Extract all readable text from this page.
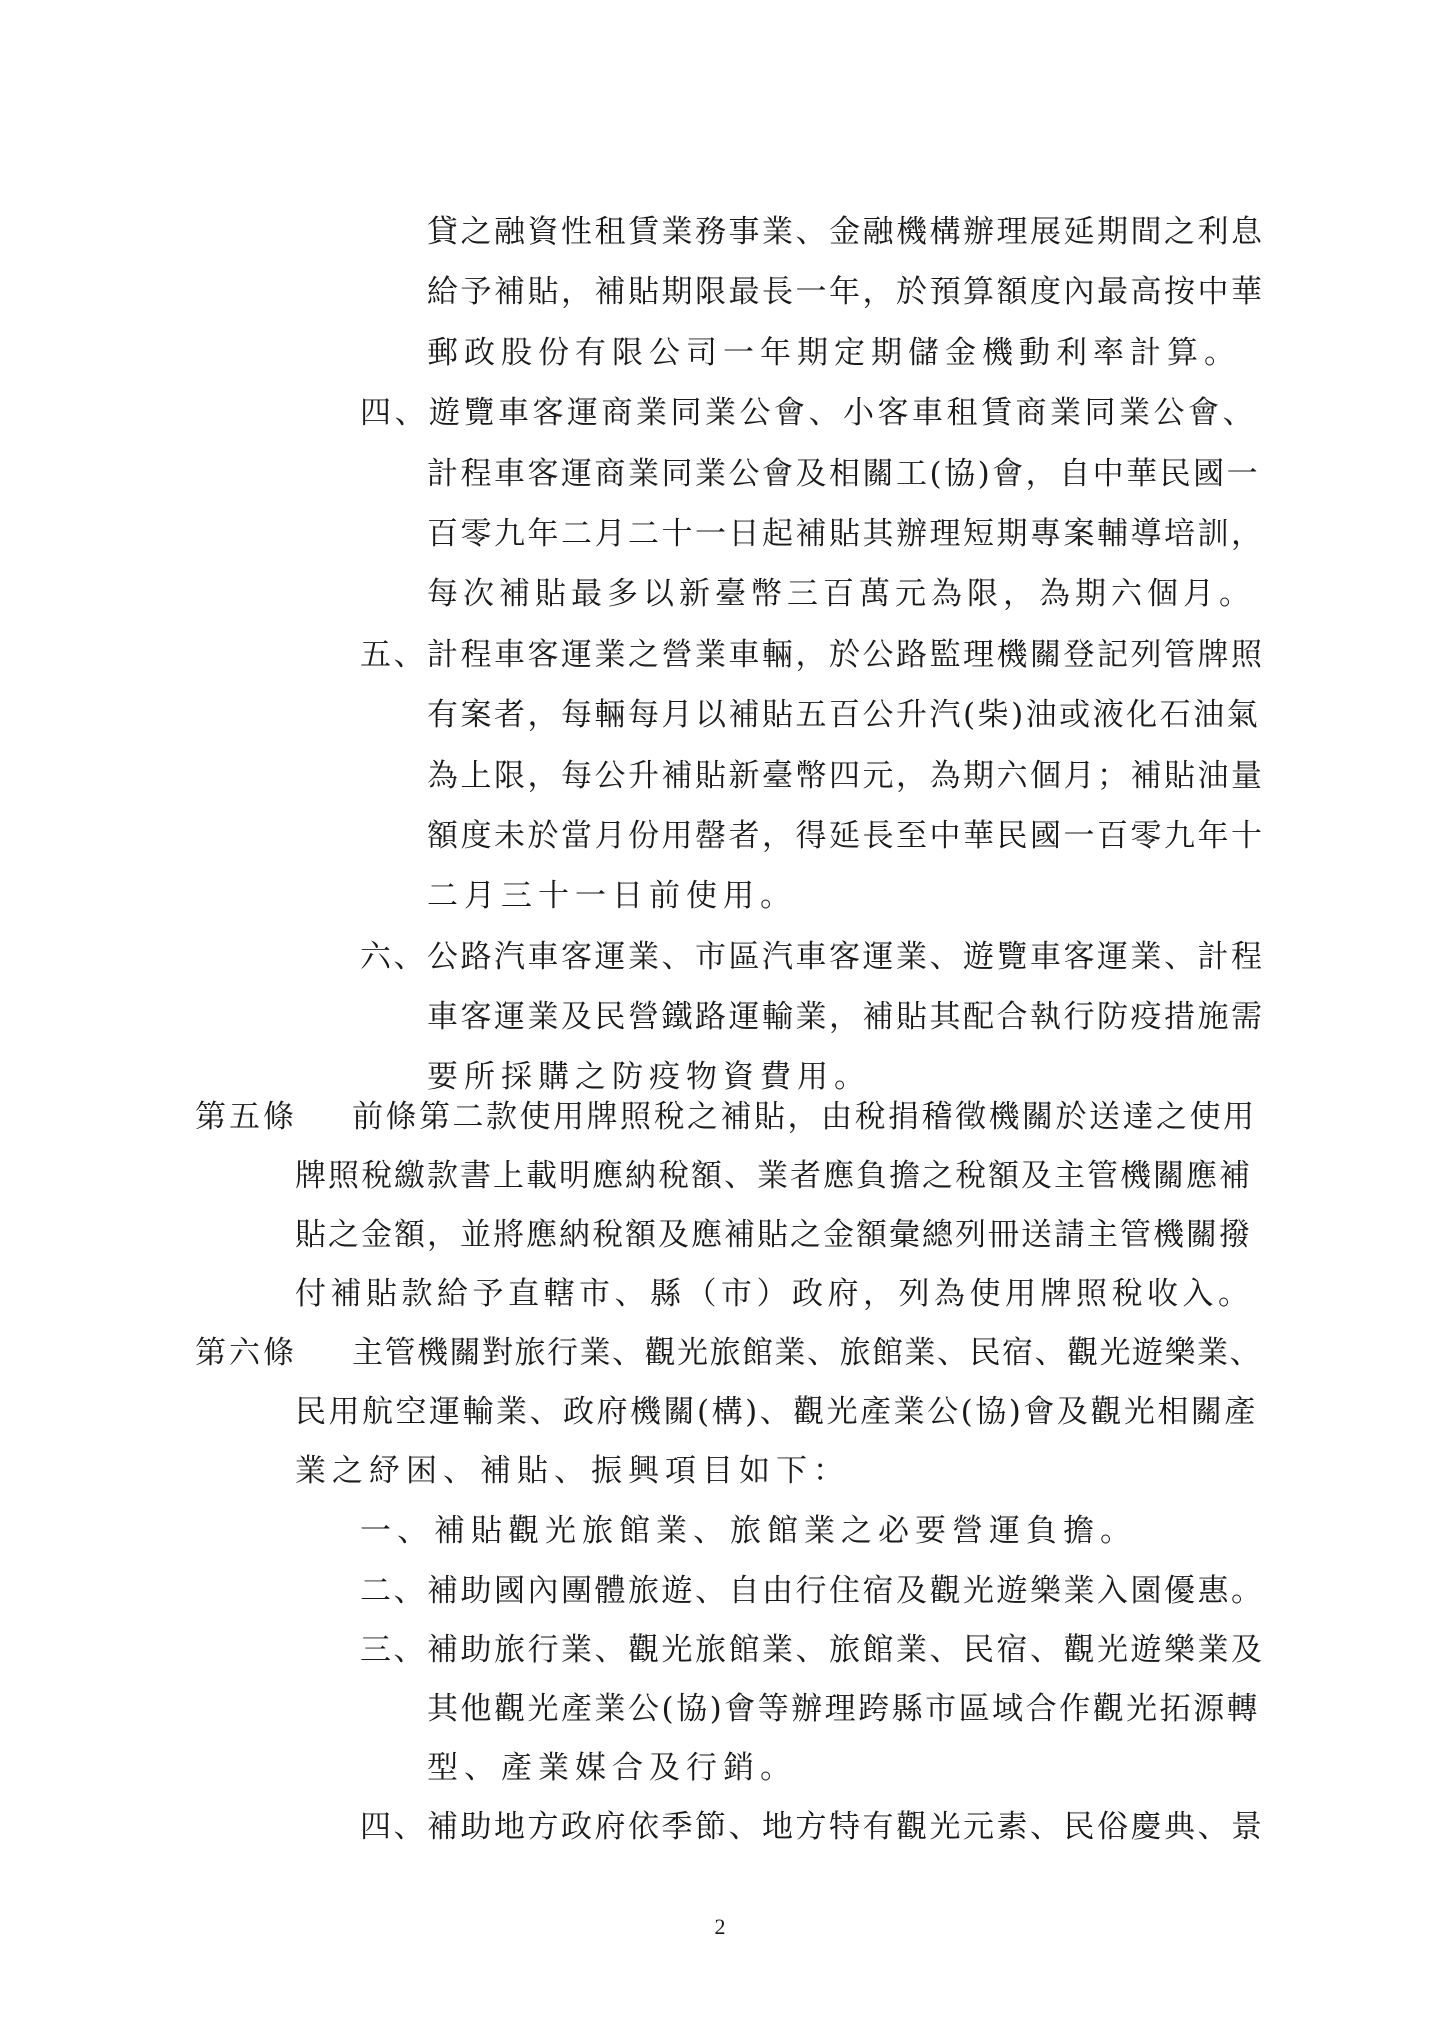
貸之融資性租賃業務事業、金融機構辦理展延期間之利息
給予補貼，補貼期限最長一年，於預算額度內最高按中華
郵政股份有限公司一年期定期儲金機動利率計算。
四、遊覽車客運商業同業公會、小客車租賃商業同業公會、
計程車客運商業同業公會及相關工(協)會，自中華民國一
百零九年二月二十一日起補貼其辦理短期專案輔導培訓，
每次補貼最多以新臺幣三百萬元為限，為期六個月。
五、計程車客運業之營業車輛，於公路監理機關登記列管牌照
有案者，每輛每月以補貼五百公升汽(柴)油或液化石油氣
為上限，每公升補貼新臺幣四元，為期六個月；補貼油量
額度未於當月份用罄者，得延長至中華民國一百零九年十
二月三十一日前使用。
六、公路汽車客運業、市區汽車客運業、遊覽車客運業、計程
車客運業及民營鐵路運輸業，補貼其配合執行防疫措施需
要所採購之防疫物資費用。
第五條 前條第二款使用牌照稅之補貼，由稅捐稽徵機關於送達之使用
牌照稅繳款書上載明應納稅額、業者應負擔之稅額及主管機關應補
貼之金額，並將應納稅額及應補貼之金額彙總列冊送請主管機關撥
付補貼款給予直轄市、縣（市）政府，列為使用牌照稅收入。
第六條 主管機關對旅行業、觀光旅館業、旅館業、民宿、觀光遊樂業、
民用航空運輸業、政府機關(構)、觀光產業公(協)會及觀光相關產
業之紓困、補貼、振興項目如下：
一、補貼觀光旅館業、旅館業之必要營運負擔。
二、補助國內團體旅遊、自由行住宿及觀光遊樂業入園優惠。
三、補助旅行業、觀光旅館業、旅館業、民宿、觀光遊樂業及
其他觀光產業公(協)會等辦理跨縣市區域合作觀光拓源轉
型、產業媒合及行銷。
四、補助地方政府依季節、地方特有觀光元素、民俗慶典、景
2
